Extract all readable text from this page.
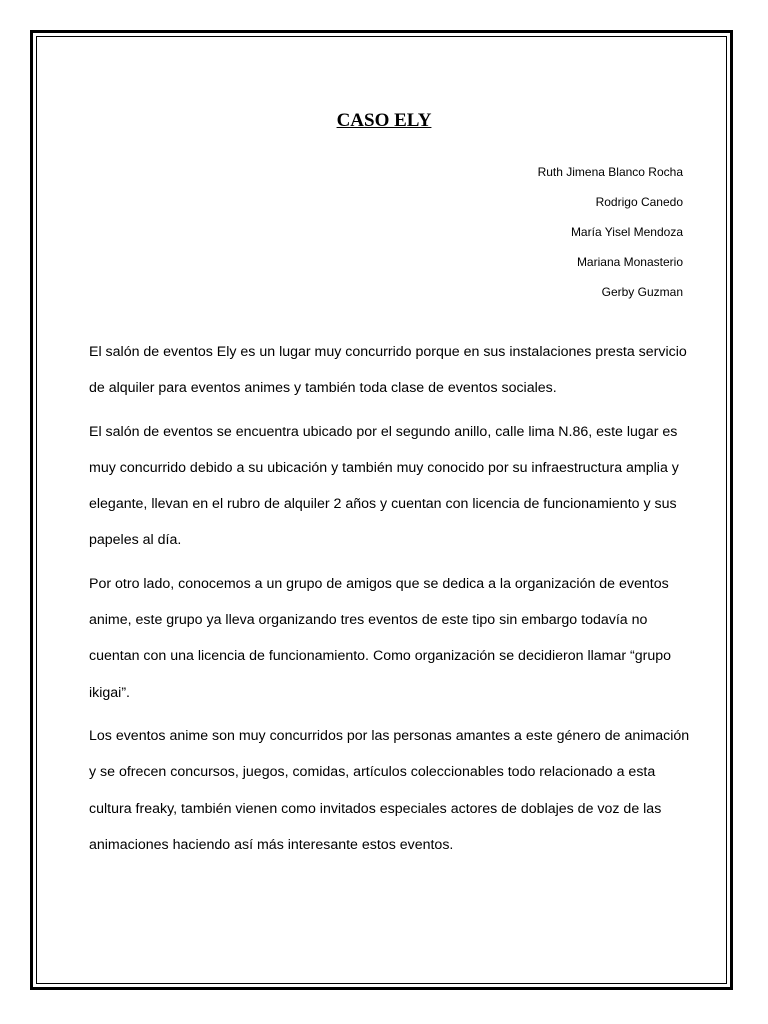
CASO ELY
Ruth Jimena Blanco Rocha
Rodrigo Canedo
María Yisel Mendoza
Mariana Monasterio
Gerby Guzman

El salón de eventos Ely es un lugar muy concurrido porque en sus instalaciones presta servicio de alquiler para eventos animes y también toda clase de eventos sociales.

El salón de eventos se encuentra ubicado por el segundo anillo, calle lima N.86, este lugar es muy concurrido debido a su ubicación y también muy conocido por su infraestructura amplia y elegante, llevan en el rubro de alquiler 2 años y cuentan con licencia de funcionamiento y sus papeles al día.

Por otro lado, conocemos a un grupo de amigos que se dedica a la organización de eventos anime, este grupo ya lleva organizando tres eventos de este tipo sin embargo todavía no cuentan con una licencia de funcionamiento. Como organización se decidieron llamar “grupo ikigai”.

Los eventos anime son muy concurridos por las personas amantes a este género de animación y se ofrecen concursos, juegos, comidas, artículos coleccionables todo relacionado a esta cultura freaky, también vienen como invitados especiales actores de doblajes de voz de las animaciones haciendo así más interesante estos eventos.
